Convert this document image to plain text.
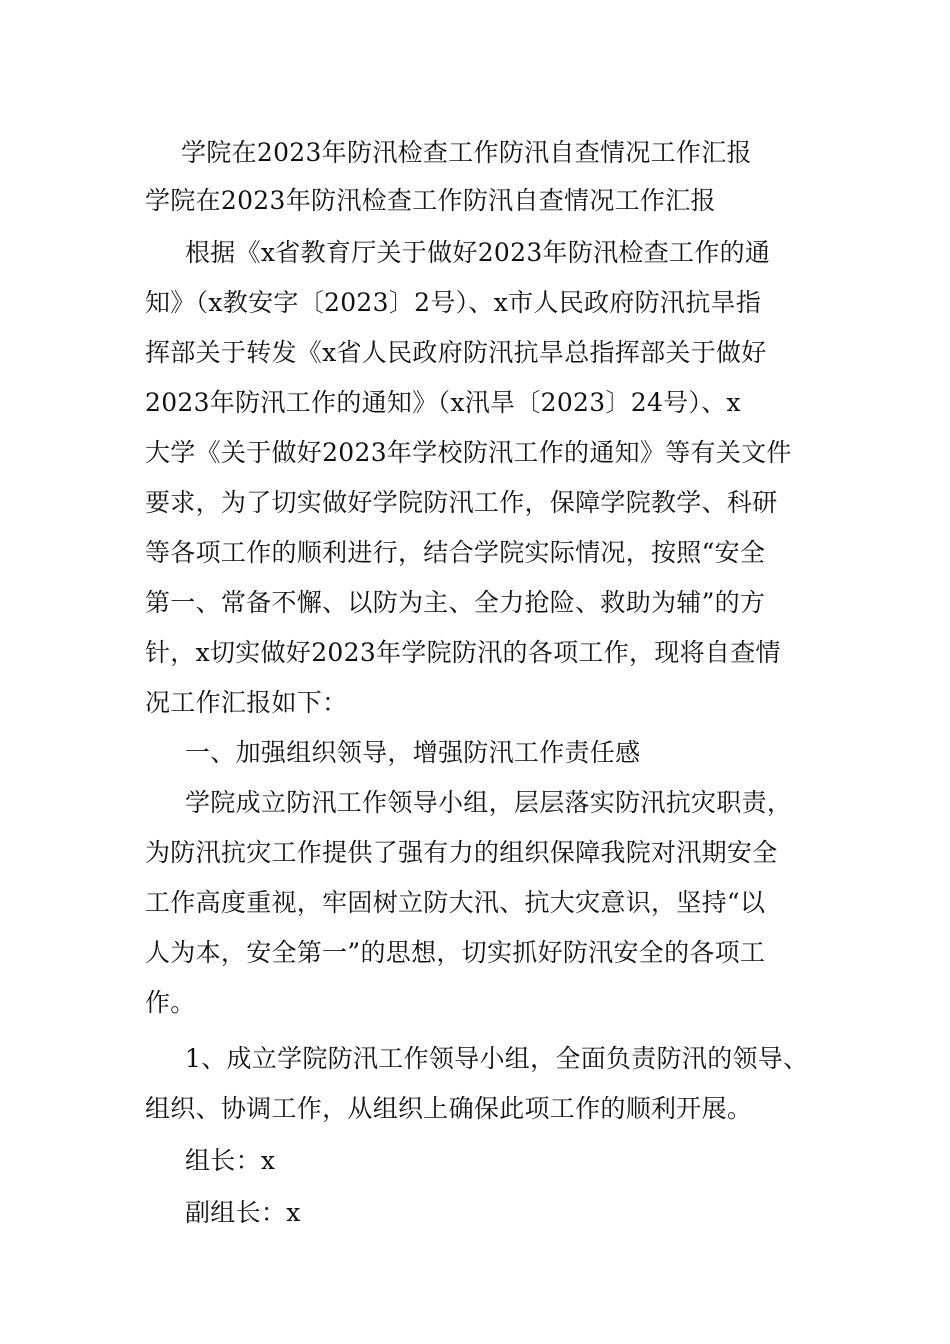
学院在2023年防汛检查工作防汛自查情况工作汇报
学院在2023年防汛检查工作防汛自查情况工作汇报
根据《x省教育厅关于做好2023年防汛检查工作的通
知》（x教安字〔2023〕2号）、x市人民政府防汛抗旱指
挥部关于转发《x省人民政府防汛抗旱总指挥部关于做好
2023年防汛工作的通知》（x汛旱〔2023〕24号）、x
大学《关于做好2023年学校防汛工作的通知》等有关文件
要求，为了切实做好学院防汛工作，保障学院教学、科研
等各项工作的顺利进行，结合学院实际情况，按照“安全
第一、常备不懈、以防为主、全力抢险、救助为辅”的方
针，x切实做好2023年学院防汛的各项工作，现将自查情
况工作汇报如下：
一、加强组织领导，增强防汛工作责任感
学院成立防汛工作领导小组，层层落实防汛抗灾职责，
为防汛抗灾工作提供了强有力的组织保障我院对汛期安全
工作高度重视，牢固树立防大汛、抗大灾意识，坚持“以
人为本，安全第一”的思想，切实抓好防汛安全的各项工
作。
1、成立学院防汛工作领导小组，全面负责防汛的领导、
组织、协调工作，从组织上确保此项工作的顺利开展。
组长：x
副组长：x
